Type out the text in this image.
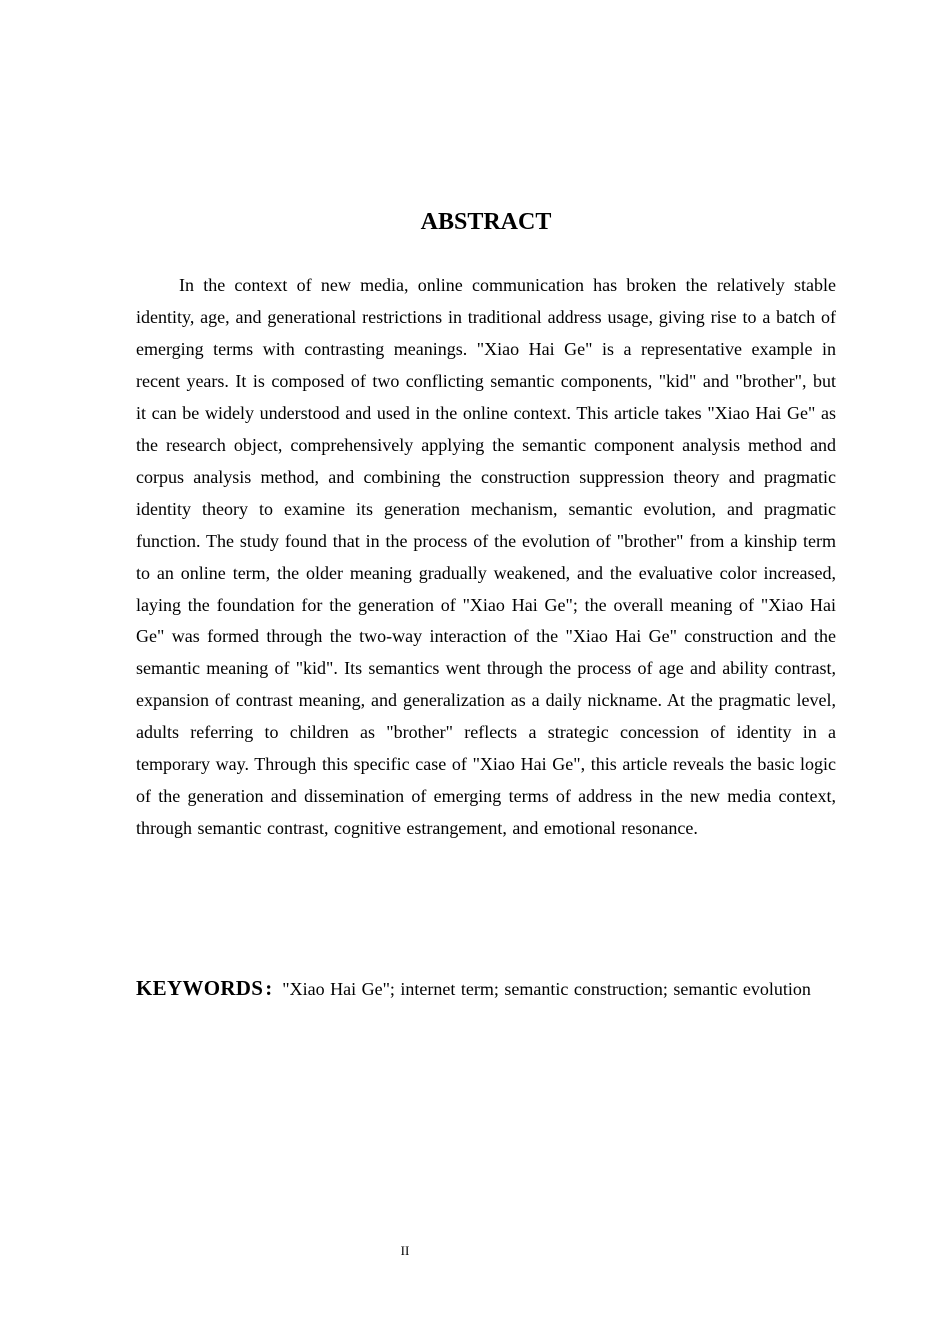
ABSTRACT

In the context of new media, online communication has broken the relatively stable identity, age, and generational restrictions in traditional address usage, giving rise to a batch of emerging terms with contrasting meanings. "Xiao Hai Ge" is a representative example in recent years. It is composed of two conflicting semantic components, "kid" and "brother", but it can be widely understood and used in the online context. This article takes "Xiao Hai Ge" as the research object, comprehensively applying the semantic component analysis method and corpus analysis method, and combining the construction suppression theory and pragmatic identity theory to examine its generation mechanism, semantic evolution, and pragmatic function. The study found that in the process of the evolution of "brother" from a kinship term to an online term, the older meaning gradually weakened, and the evaluative color increased, laying the foundation for the generation of "Xiao Hai Ge"; the overall meaning of "Xiao Hai Ge" was formed through the two-way interaction of the "Xiao Hai Ge" construction and the semantic meaning of "kid". Its semantics went through the process of age and ability contrast, expansion of contrast meaning, and generalization as a daily nickname. At the pragmatic level, adults referring to children as "brother" reflects a strategic concession of identity in a temporary way. Through this specific case of "Xiao Hai Ge", this article reveals the basic logic of the generation and dissemination of emerging terms of address in the new media context, through semantic contrast, cognitive estrangement, and emotional resonance.

KEYWORDS: "Xiao Hai Ge"; internet term; semantic construction; semantic evolution

II
